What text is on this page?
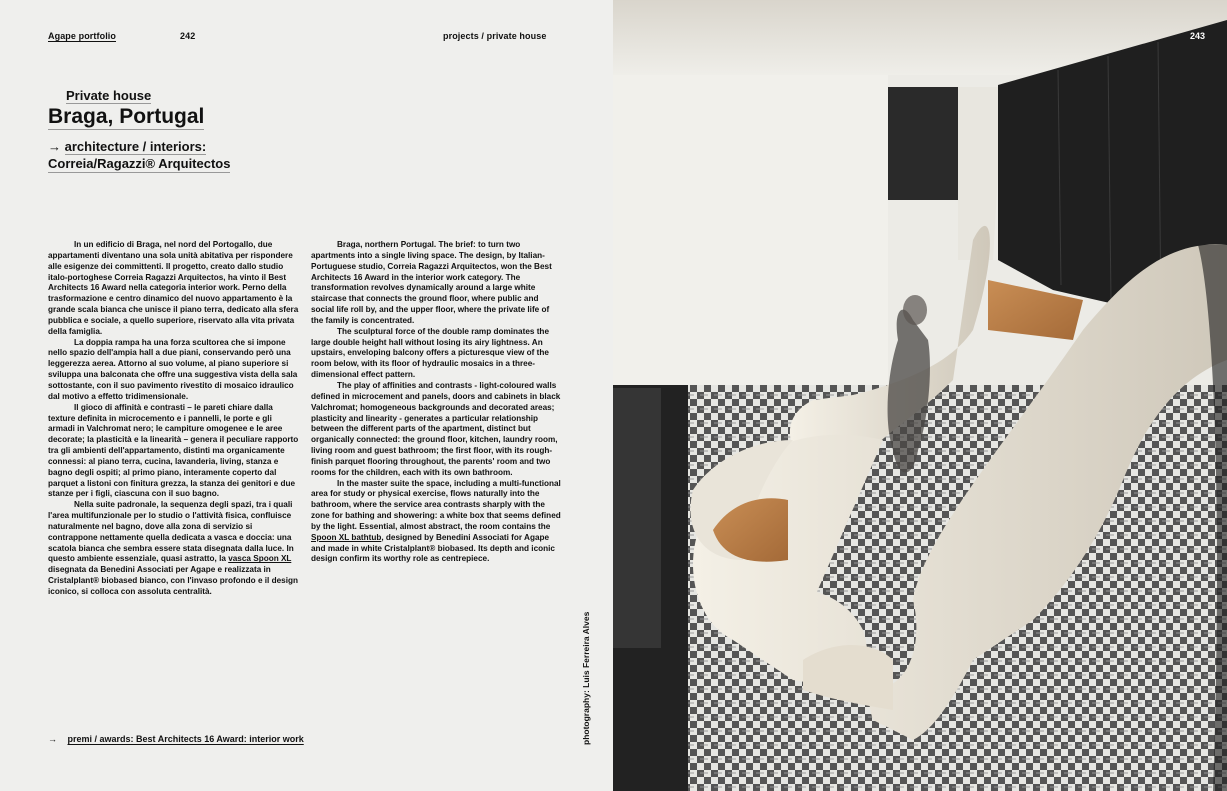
Agape portfolio	242	projects / private house
Private house
Braga, Portugal
→ architecture / interiors:
Correia/Ragazzi® Arquitectos

In un edificio di Braga, nel nord del Portogallo, due appartamenti diventano una sola unità abitativa per rispondere alle esigenze dei committenti. Il progetto, creato dallo studio italo-portoghese Correia Ragazzi Arquitectos, ha vinto il Best Architects 16 Award nella categoria interior work. Perno della trasformazione e centro dinamico del nuovo appartamento è la grande scala bianca che unisce il piano terra, dedicato alla sfera pubblica e sociale, a quello superiore, riservato alla vita privata della famiglia.

La doppia rampa ha una forza scultorea che si impone nello spazio dell'ampia hall a due piani, conservando però una leggerezza aerea. Attorno al suo volume, al piano superiore si sviluppa una balconata che offre una suggestiva vista della sala sottostante, con il suo pavimento rivestito di mosaico idraulico dal motivo a effetto tridimensionale.

Il gioco di affinità e contrasti – le pareti chiare dalla texture definita in microcemento e i pannelli, le porte e gli armadi in Valchromat nero; le campiture omogenee e le aree decorate; la plasticità e la linearità – genera il peculiare rapporto tra gli ambienti dell'appartamento, distinti ma organicamente connessi: al piano terra, cucina, lavanderia, living, stanza e bagno degli ospiti; al primo piano, interamente coperto dal parquet a listoni con finitura grezza, la stanza dei genitori e due stanze per i figli, ciascuna con il suo bagno.

Nella suite padronale, la sequenza degli spazi, tra i quali l'area multifunzionale per lo studio o l'attività fisica, confluisce naturalmente nel bagno, dove alla zona di servizio si contrappone nettamente quella dedicata a vasca e doccia: una scatola bianca che sembra essere stata disegnata dalla luce. In questo ambiente essenziale, quasi astratto, la vasca Spoon XL disegnata da Benedini Associati per Agape e realizzata in Cristalplant® biobased bianco, con l'invaso profondo e il design iconico, si colloca con assoluta centralità.

Braga, northern Portugal. The brief: to turn two apartments into a single living space. The design, by Italian-Portuguese studio, Correia Ragazzi Arquitectos, won the Best Architects 16 Award in the interior work category. The transformation revolves dynamically around a large white staircase that connects the ground floor, where public and social life roll by, and the upper floor, where the private life of the family is concentrated.

The sculptural force of the double ramp dominates the large double height hall without losing its airy lightness. An upstairs, enveloping balcony offers a picturesque view of the room below, with its floor of hydraulic mosaics in a three-dimensional effect pattern.

The play of affinities and contrasts - light-coloured walls defined in microcement and panels, doors and cabinets in black Valchromat; homogeneous backgrounds and decorated areas; plasticity and linearity - generates a particular relationship between the different parts of the apartment, distinct but organically connected: the ground floor, kitchen, laundry room, living room and guest bathroom; the first floor, with its rough-finish parquet flooring throughout, the parents' room and two rooms for the children, each with its own bathroom.

In the master suite the space, including a multi-functional area for study or physical exercise, flows naturally into the bathroom, where the service area contrasts sharply with the zone for bathing and showering: a white box that seems defined by the light. Essential, almost abstract, the room contains the Spoon XL bathtub, designed by Benedini Associati for Agape and made in white Cristalplant® biobased. Its depth and iconic design confirm its worthy role as centrepiece.

→ premi / awards: Best Architects 16 Award: interior work	photography: Luis Ferreira Alves
243
